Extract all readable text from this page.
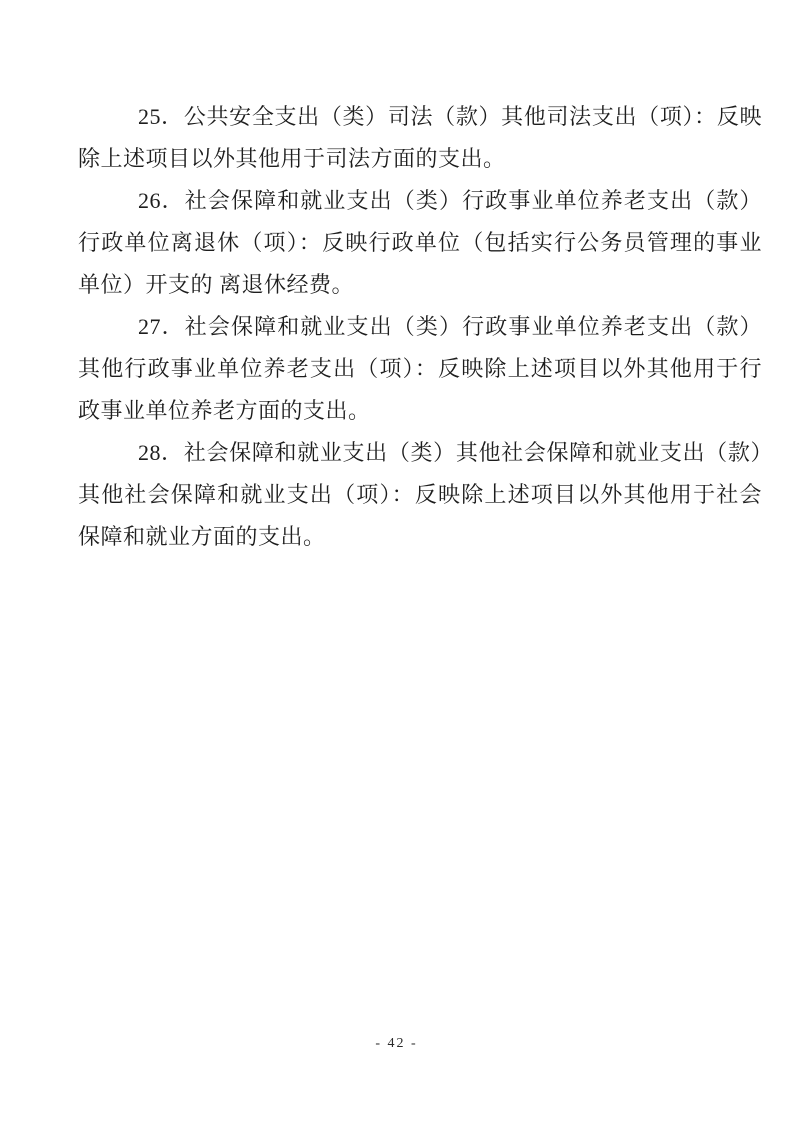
25．公共安全支出（类）司法（款）其他司法支出（项）：反映除上述项目以外其他用于司法方面的支出。

26．社会保障和就业支出（类）行政事业单位养老支出（款）行政单位离退休（项）：反映行政单位（包括实行公务员管理的事业单位）开支的 离退休经费。

27．社会保障和就业支出（类）行政事业单位养老支出（款）其他行政事业单位养老支出（项）：反映除上述项目以外其他用于行政事业单位养老方面的支出。

28．社会保障和就业支出（类）其他社会保障和就业支出（款）其他社会保障和就业支出（项）：反映除上述项目以外其他用于社会保障和就业方面的支出。

- 42 -
